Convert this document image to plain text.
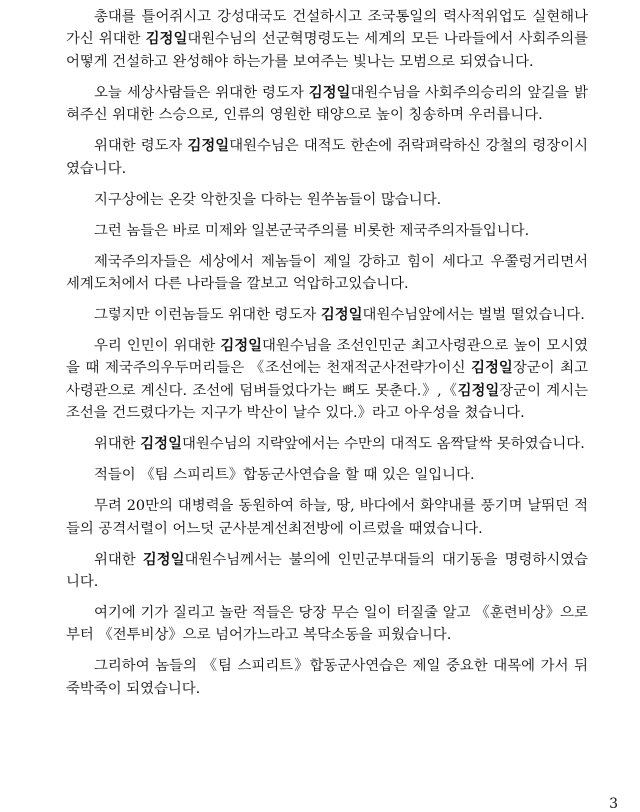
총대를 틀어쥐시고 강성대국도 건설하시고 조국통일의 력사적위업도 실현해나가신 위대한 김정일대원수님의 선군혁명령도는 세계의 모든 나라들에서 사회주의를 어떻게 건설하고 완성해야 하는가를 보여주는 빛나는 모범으로 되였습니다.

오늘 세상사람들은 위대한 령도자 김정일대원수님을 사회주의승리의 앞길을 밝혀주신 위대한 스승으로, 인류의 영원한 태양으로 높이 칭송하며 우러릅니다.

위대한 령도자 김정일대원수님은 대적도 한손에 쥐락펴락하신 강철의 령장이시였습니다.

지구상에는 온갖 악한짓을 다하는 원쑤놈들이 많습니다.

그런 놈들은 바로 미제와 일본군국주의를 비롯한 제국주의자들입니다.

제국주의자들은 세상에서 제놈들이 제일 강하고 힘이 세다고 우쭐렁거리면서 세계도처에서 다른 나라들을 깔보고 억압하고있습니다.

그렇지만 이런놈들도 위대한 령도자 김정일대원수님앞에서는 벌벌 떨었습니다.

우리 인민이 위대한 김정일대원수님을 조선인민군 최고사령관으로 높이 모시였을 때 제국주의우두머리들은 《조선에는 천재적군사전략가이신 김정일장군이 최고사령관으로 계신다. 조선에 덤벼들었다가는 뼈도 못춘다.》,《김정일장군이 계시는 조선을 건드렸다가는 지구가 박산이 날수 있다.》라고 아우성을 쳤습니다.

위대한 김정일대원수님의 지략앞에서는 수만의 대적도 옴짝달싹 못하였습니다.

적들이 《팀 스피리트》합동군사연습을 할 때 있은 일입니다.

무려 20만의 대병력을 동원하여 하늘, 땅, 바다에서 화약내를 풍기며 날뛰던 적들의 공격서렬이 어느덧 군사분계선최전방에 이르렀을 때였습니다.

위대한 김정일대원수님께서는 불의에 인민군부대들의 대기동을 명령하시였습니다.

여기에 기가 질리고 놀란 적들은 당장 무슨 일이 터질줄 알고 《훈련비상》으로부터 《전투비상》으로 넘어가느라고 복닥소동을 피웠습니다.

그리하여 놈들의 《팀 스피리트》합동군사연습은 제일 중요한 대목에 가서 뒤죽박죽이 되였습니다.

3
